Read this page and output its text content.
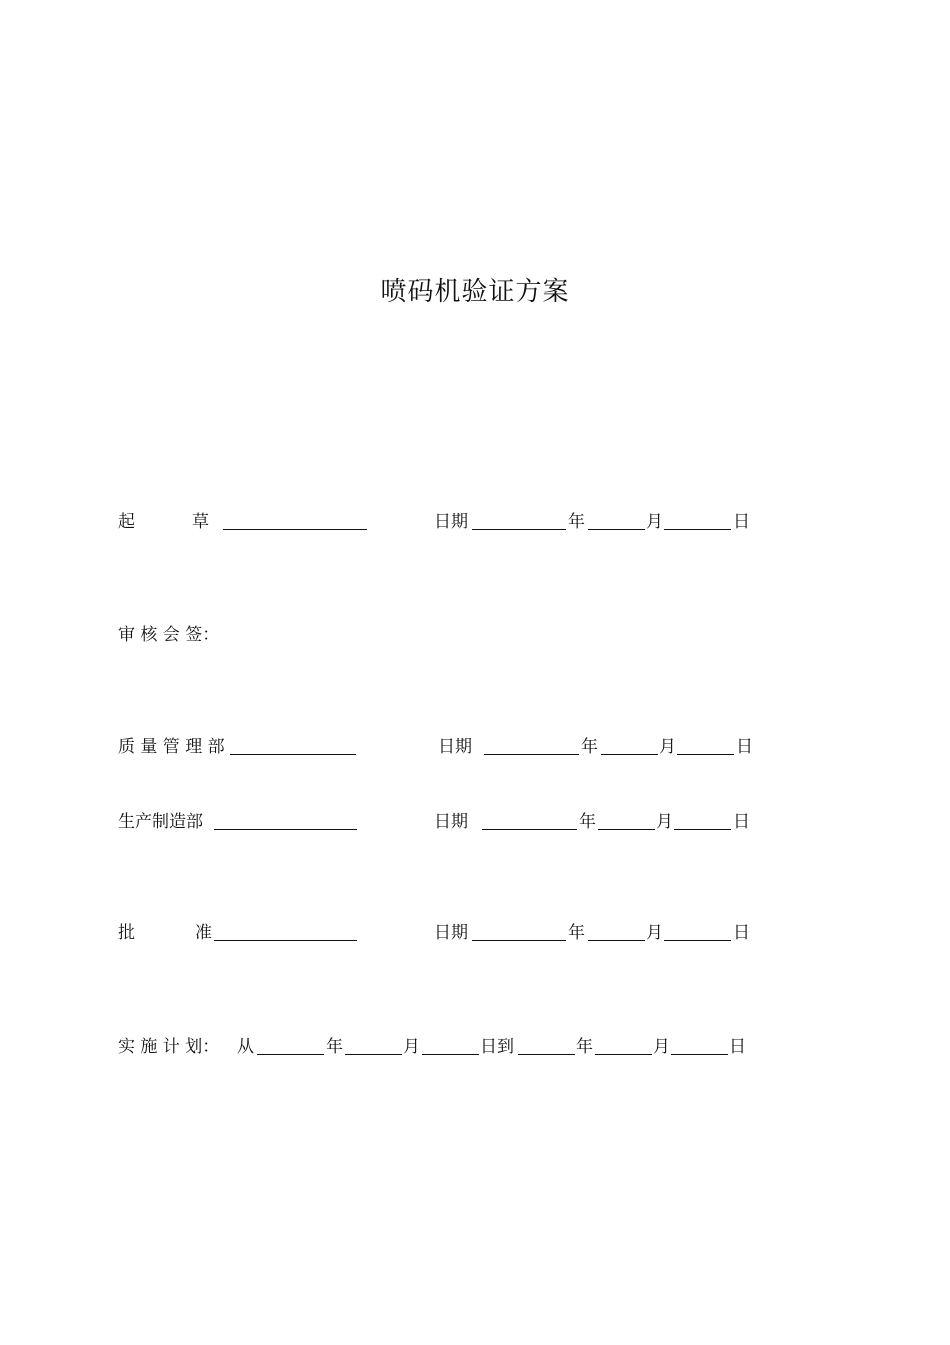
喷码机验证方案
起	草	日期	年	月	日
审 核 会 签：
质 量 管 理 部	日期	年	月	日
生产制造部	日期	年	月	日
批	准	日期	年	月	日
实 施 计 划： 从	年	月	日到	年	月	日
